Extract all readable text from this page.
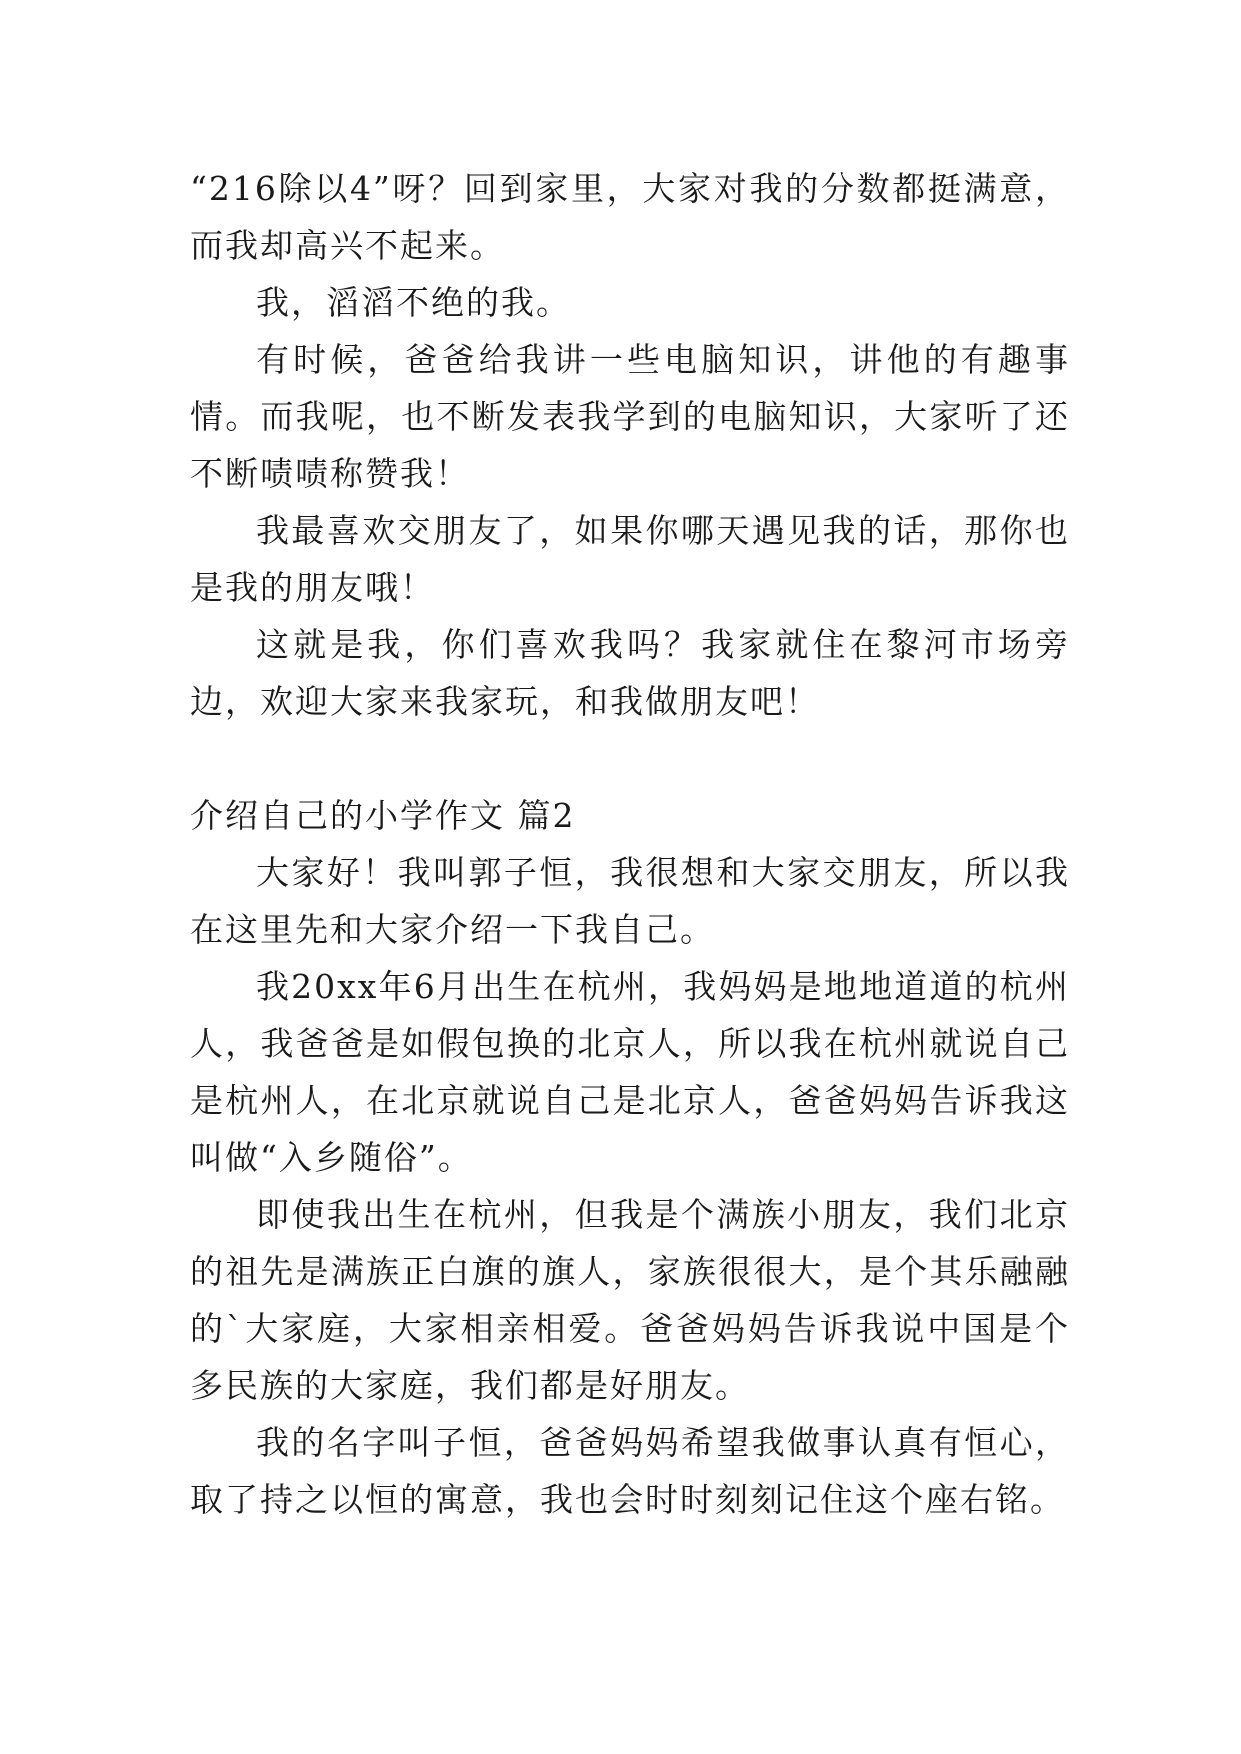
“216除以4”呀？回到家里，大家对我的分数都挺满意，而我却高兴不起来。

我，滔滔不绝的我。

有时候，爸爸给我讲一些电脑知识，讲他的有趣事情。而我呢，也不断发表我学到的电脑知识，大家听了还不断啧啧称赞我！

我最喜欢交朋友了，如果你哪天遇见我的话，那你也是我的朋友哦！

这就是我，你们喜欢我吗？我家就住在黎河市场旁边，欢迎大家来我家玩，和我做朋友吧！

介绍自己的小学作文 篇2

大家好！我叫郭子恒，我很想和大家交朋友，所以我在这里先和大家介绍一下我自己。

我20xx年6月出生在杭州，我妈妈是地地道道的杭州人，我爸爸是如假包换的北京人，所以我在杭州就说自己是杭州人，在北京就说自己是北京人，爸爸妈妈告诉我这叫做“入乡随俗”。

即使我出生在杭州，但我是个满族小朋友，我们北京的祖先是满族正白旗的旗人，家族很很大，是个其乐融融的`大家庭，大家相亲相爱。爸爸妈妈告诉我说中国是个多民族的大家庭，我们都是好朋友。

我的名字叫子恒，爸爸妈妈希望我做事认真有恒心，取了持之以恒的寓意，我也会时时刻刻记住这个座右铭。
